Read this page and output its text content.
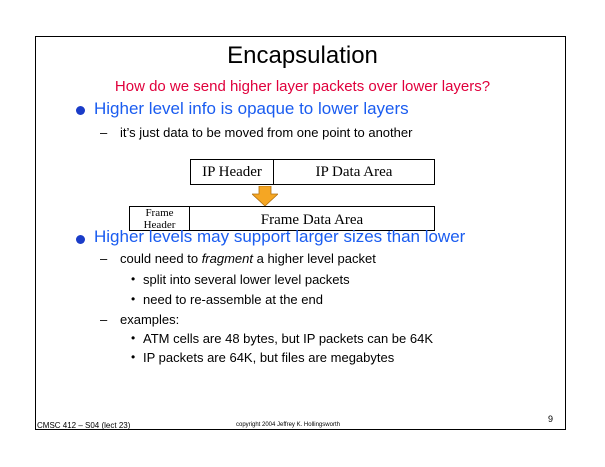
Encapsulation
How do we send higher layer packets over lower layers?
Higher level info is opaque to lower layers
– it’s just data to be moved from one point to another
IP Header	IP Data Area
Frame Header	Frame Data Area
Higher levels may support larger sizes than lower
– could need to fragment a higher level packet
• split into several lower level packets
• need to re-assemble at the end
– examples:
• ATM cells are 48 bytes, but IP packets can be 64K
• IP packets are 64K, but files are megabytes
CMSC 412 – S04 (lect 23)	copyright 2004 Jeffrey K. Hollingsworth
9
